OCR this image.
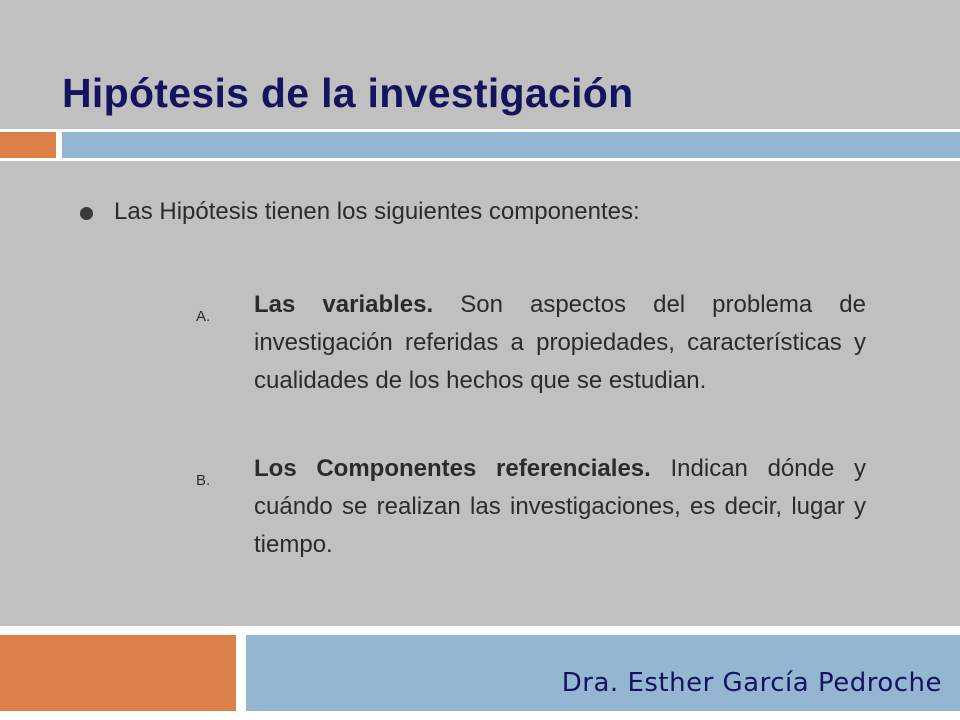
Hipótesis de la investigación
Las Hipótesis tienen los siguientes componentes:
A. Las variables. Son aspectos del problema de investigación referidas a propiedades, características y cualidades de los hechos que se estudian.
B. Los Componentes referenciales. Indican dónde y cuándo se realizan las investigaciones, es decir, lugar y tiempo.
Dra. Esther García Pedroche
